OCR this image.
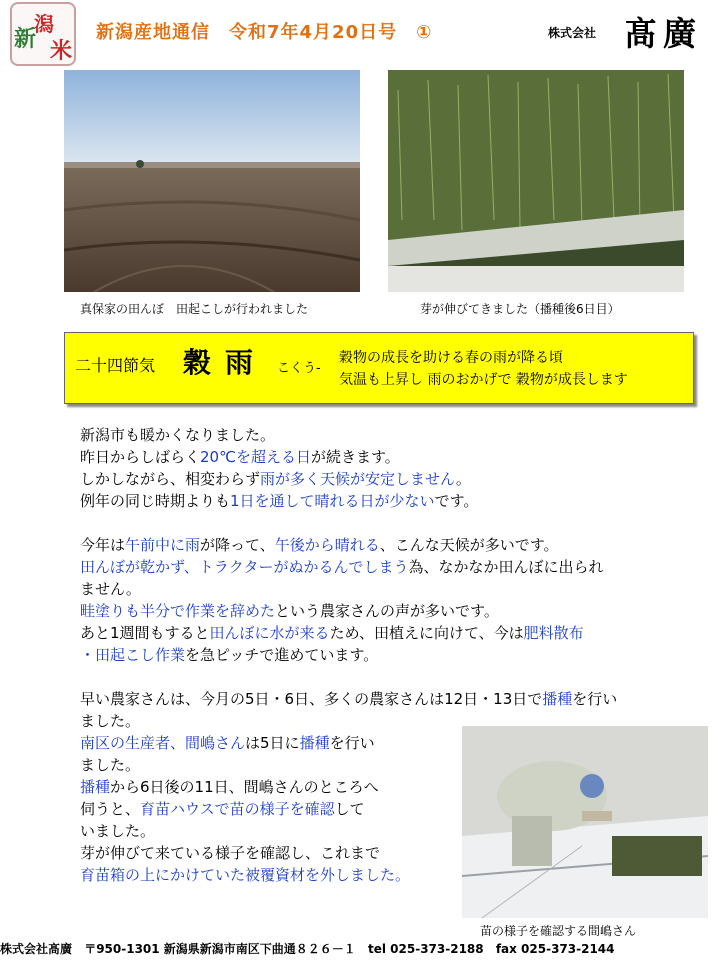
新
潟
米
新潟産地通信　令和7年4月20日号　①	株式会社 髙廣
真保家の田んぼ　田起こしが行われました	芽が伸びてきました（播種後6日目）
二十四節気 穀雨 こくう-
穀物の成長を助ける春の雨が降る頃
気温も上昇し 雨のおかげで 穀物が成長します

新潟市も暖かくなりました。

昨日からしばらく20℃を超える日が続きます。

しかしながら、相変わらず雨が多く天候が安定しません。

例年の同じ時期よりも1日を通して晴れる日が少ないです。

今年は午前中に雨が降って、午後から晴れる、こんな天候が多いです。

田んぼが乾かず、トラクターがぬかるんでしまう為、なかなか田んぼに出られ

ません。

畦塗りも半分で作業を辞めたという農家さんの声が多いです。

あと1週間もすると田んぼに水が来るため、田植えに向けて、今は肥料散布

・田起こし作業を急ピッチで進めています。

早い農家さんは、今月の5日・6日、多くの農家さんは12日・13日で播種を行い

ました。

南区の生産者、間嶋さんは5日に播種を行い

ました。

播種から6日後の11日、間嶋さんのところへ

伺うと、育苗ハウスで苗の様子を確認して

いました。

芽が伸びて来ている様子を確認し、これまで

育苗箱の上にかけていた被覆資材を外しました。

苗の様子を確認する間嶋さん
株式会社髙廣 〒950-1301 新潟県新潟市南区下曲通８２６－１ tel 025-373-2188 fax 025-373-2144
